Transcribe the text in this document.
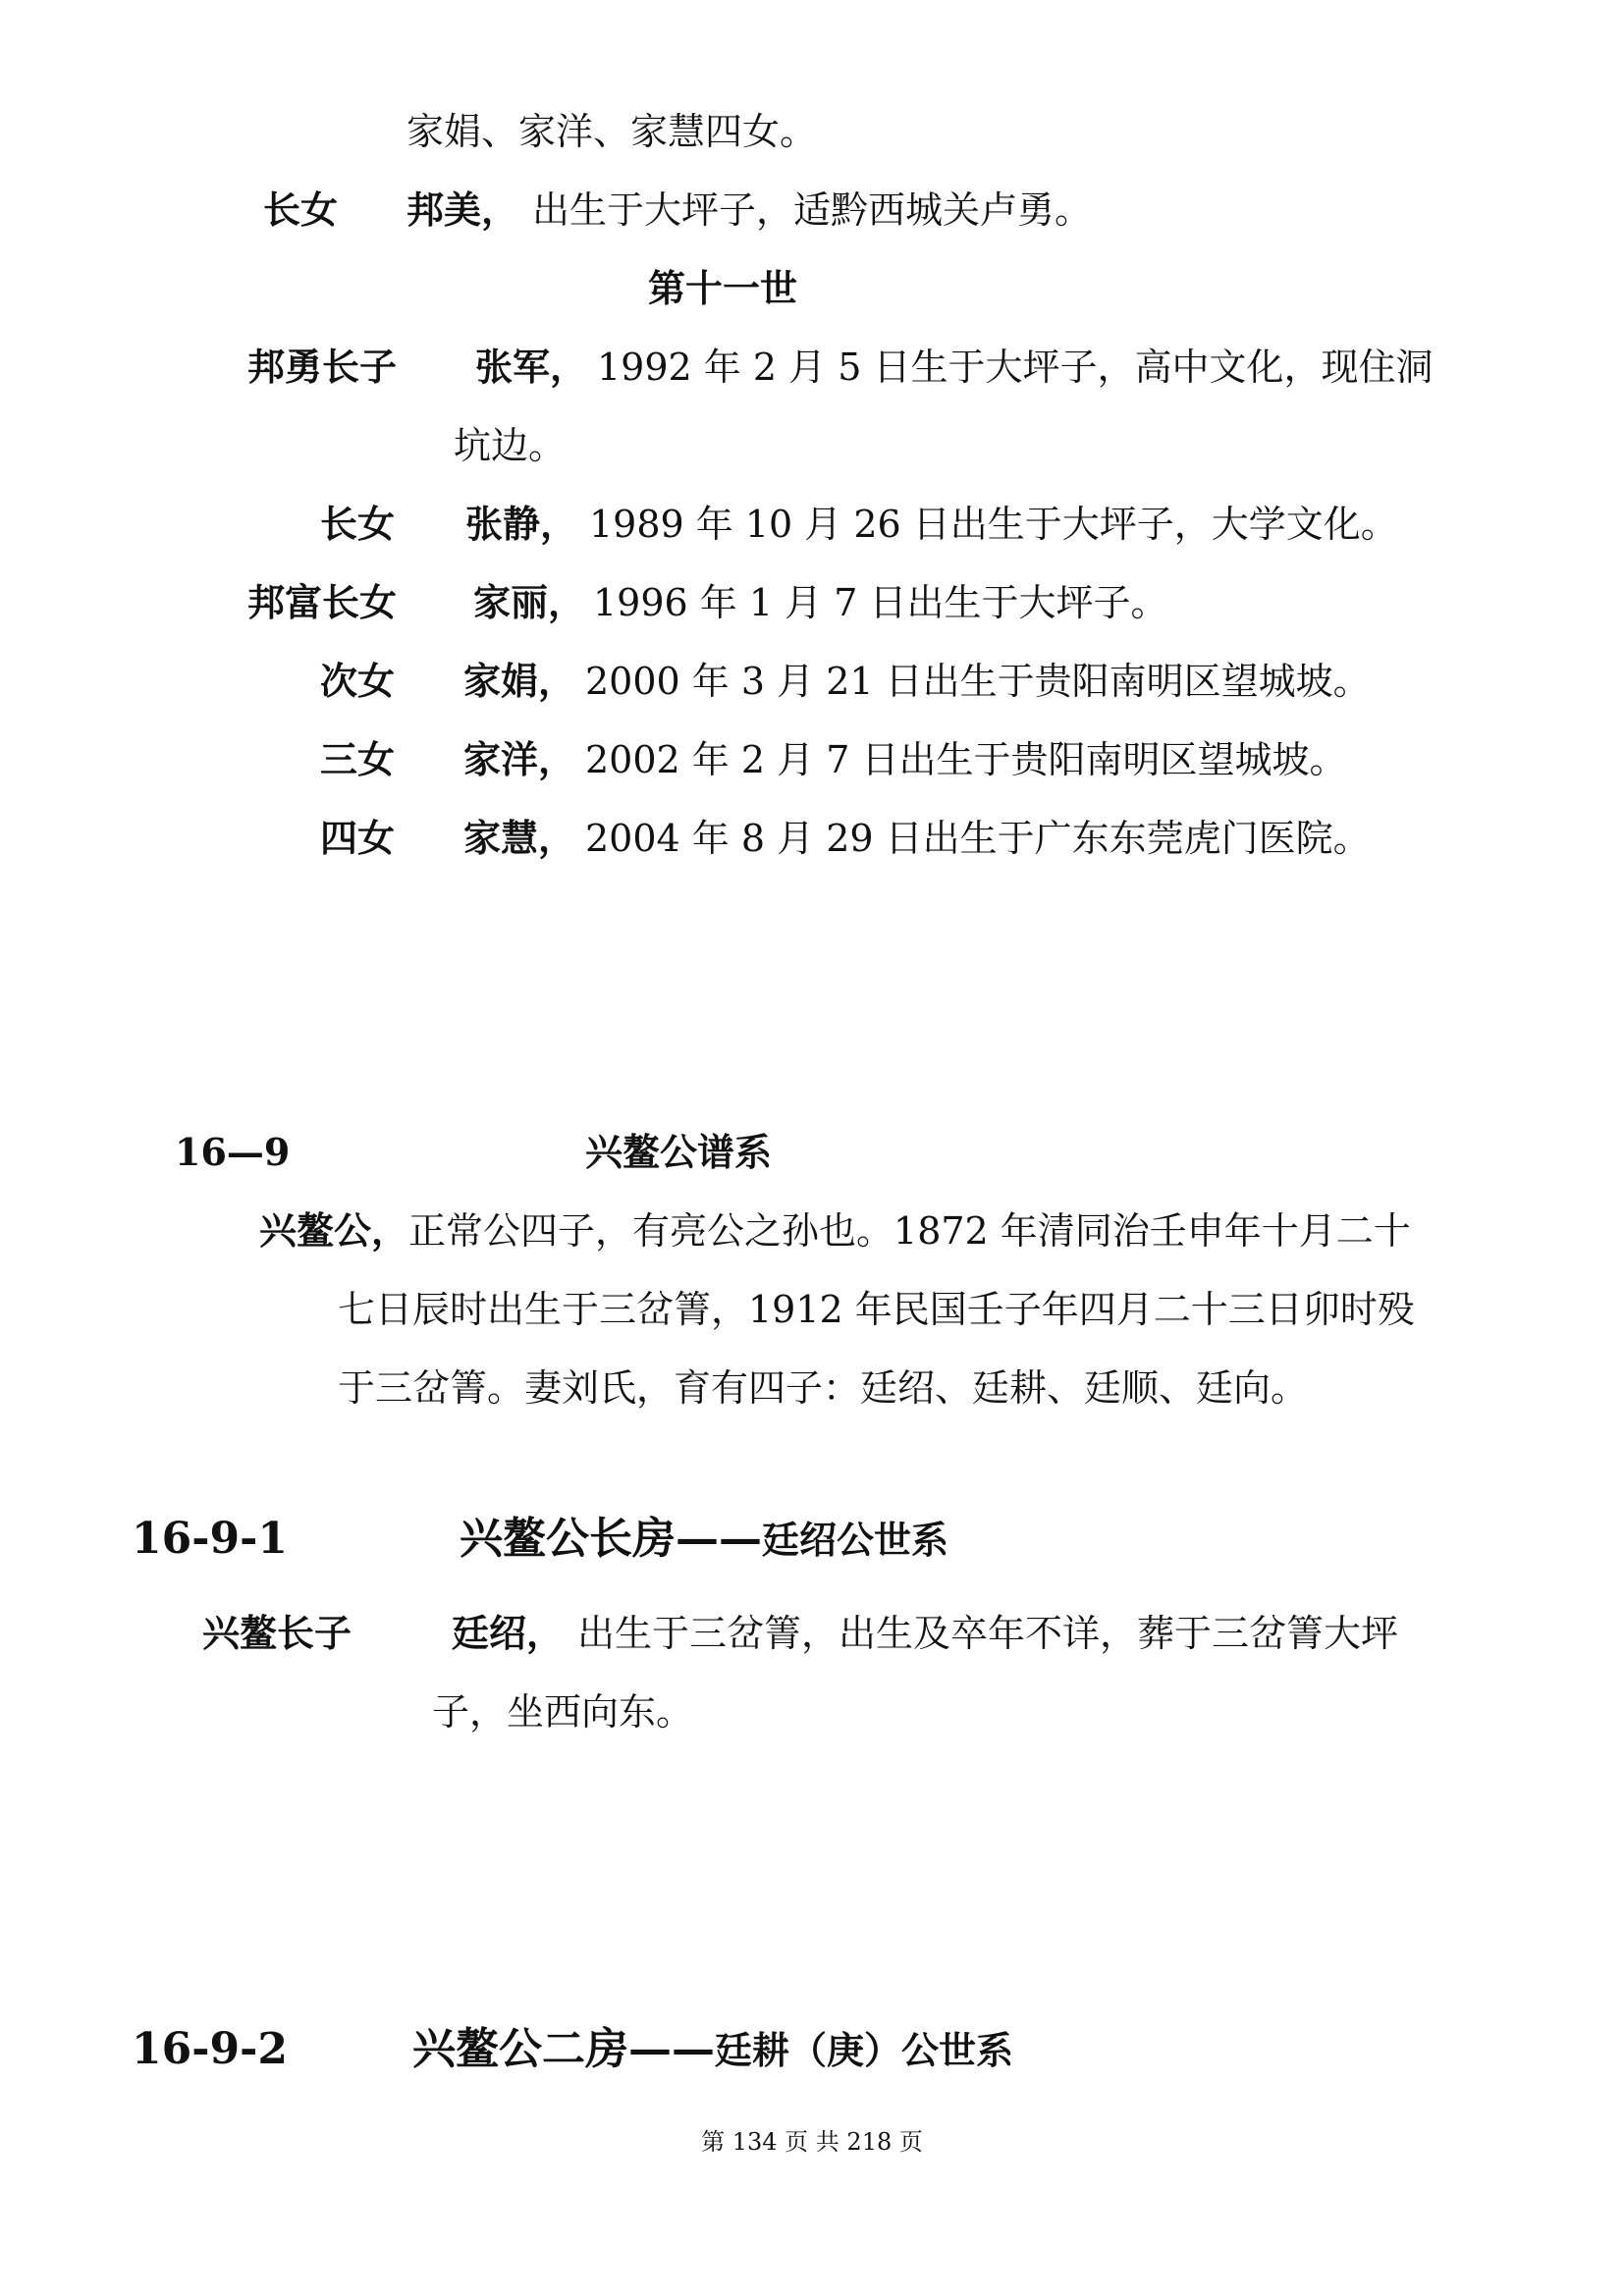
家娟、家洋、家慧四女。
长女 邦美， 出生于大坪子，适黔西城关卢勇。
第十一世
邦勇长子 张军， 1992 年 2 月 5 日生于大坪子，高中文化，现住洞
坑边。
长女 张静， 1989 年 10 月 26 日出生于大坪子，大学文化。
邦富长女 家丽， 1996 年 1 月 7 日出生于大坪子。
次女 家娟， 2000 年 3 月 21 日出生于贵阳南明区望城坡。
三女 家洋， 2002 年 2 月 7 日出生于贵阳南明区望城坡。
四女 家慧， 2004 年 8 月 29 日出生于广东东莞虎门医院。
16—9	兴鳌公谱系
兴鳌公，正常公四子，有亮公之孙也。1872 年清同治壬申年十月二十
七日辰时出生于三岔箐，1912 年民国壬子年四月二十三日卯时殁
于三岔箐。妻刘氏，育有四子：廷绍、廷耕、廷顺、廷向。
16-9-1	兴鳌公长房——廷绍公世系
兴鳌长子	廷绍， 出生于三岔箐，出生及卒年不详，葬于三岔箐大坪
子，坐西向东。
16-9-2	兴鳌公二房——廷耕（庚）公世系
第 134 页 共 218 页
